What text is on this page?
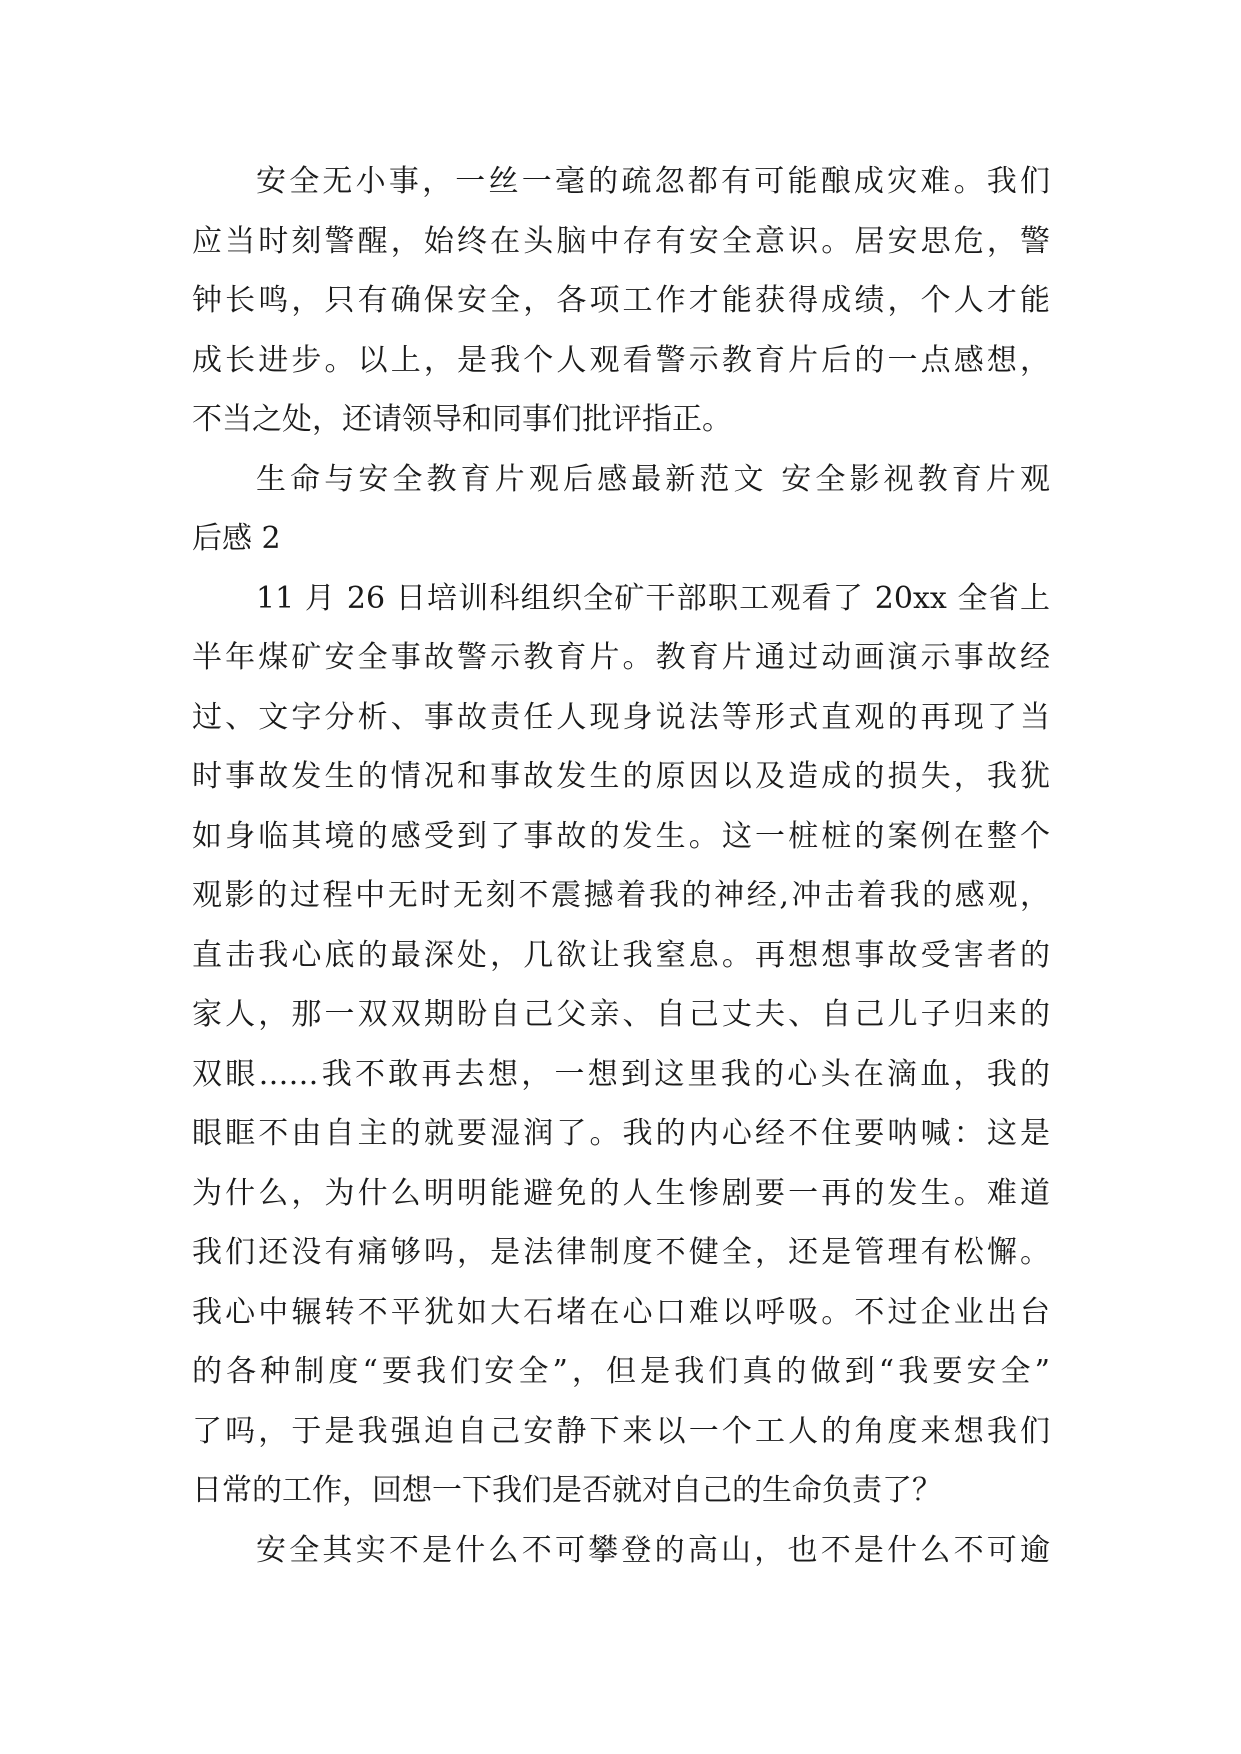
安全无小事，一丝一毫的疏忽都有可能酿成灾难。我们
应当时刻警醒，始终在头脑中存有安全意识。居安思危，警
钟长鸣，只有确保安全，各项工作才能获得成绩，个人才能
成长进步。以上，是我个人观看警示教育片后的一点感想，
不当之处，还请领导和同事们批评指正。
生命与安全教育片观后感最新范文 安全影视教育片观
后感 2
11 月 26 日培训科组织全矿干部职工观看了 20xx 全省上
半年煤矿安全事故警示教育片。教育片通过动画演示事故经
过、文字分析、事故责任人现身说法等形式直观的再现了当
时事故发生的情况和事故发生的原因以及造成的损失，我犹
如身临其境的感受到了事故的发生。这一桩桩的案例在整个
观影的过程中无时无刻不震撼着我的神经,冲击着我的感观，
直击我心底的最深处，几欲让我窒息。再想想事故受害者的
家人，那一双双期盼自己父亲、自己丈夫、自己儿子归来的
双眼……我不敢再去想，一想到这里我的心头在滴血，我的
眼眶不由自主的就要湿润了。我的内心经不住要呐喊：这是
为什么，为什么明明能避免的人生惨剧要一再的发生。难道
我们还没有痛够吗，是法律制度不健全，还是管理有松懈。
我心中辗转不平犹如大石堵在心口难以呼吸。不过企业出台
的各种制度“要我们安全”，但是我们真的做到“我要安全”
了吗，于是我强迫自己安静下来以一个工人的角度来想我们
日常的工作，回想一下我们是否就对自己的生命负责了？
安全其实不是什么不可攀登的高山，也不是什么不可逾
